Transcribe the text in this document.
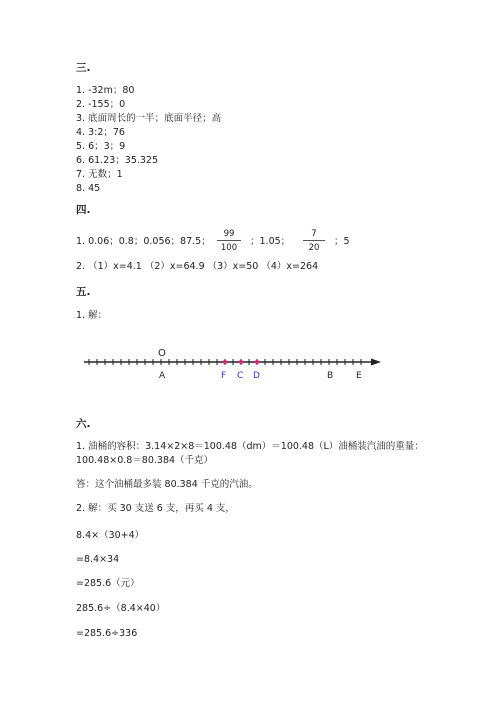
三.
1. -32m；80
2. -155；0
3. 底面周长的一半；底面半径；高
4. 3:2；76
5. 6；3；9
6. 61.23；35.325
7. 无数；1
8. 45
四.
1. 0.06；0.8；0.056；87.5；
99
100
；1.05；
7
20
；5
2. （1）x=4.1 （2）x=64.9 （3）x=50 （4）x=264
五.
1. 解：
O
A	F C D	B	E
六.
1. 油桶的容积：3.14×2×8＝100.48（dm）＝100.48（L）油桶装汽油的重量：
100.48×0.8＝80.384（千克）
答：这个油桶最多装 80.384 千克的汽油。
2. 解：买 30 支送 6 支，再买 4 支，
8.4×（30+4）
=8.4×34
=285.6（元）
285.6÷（8.4×40）
=285.6÷336
